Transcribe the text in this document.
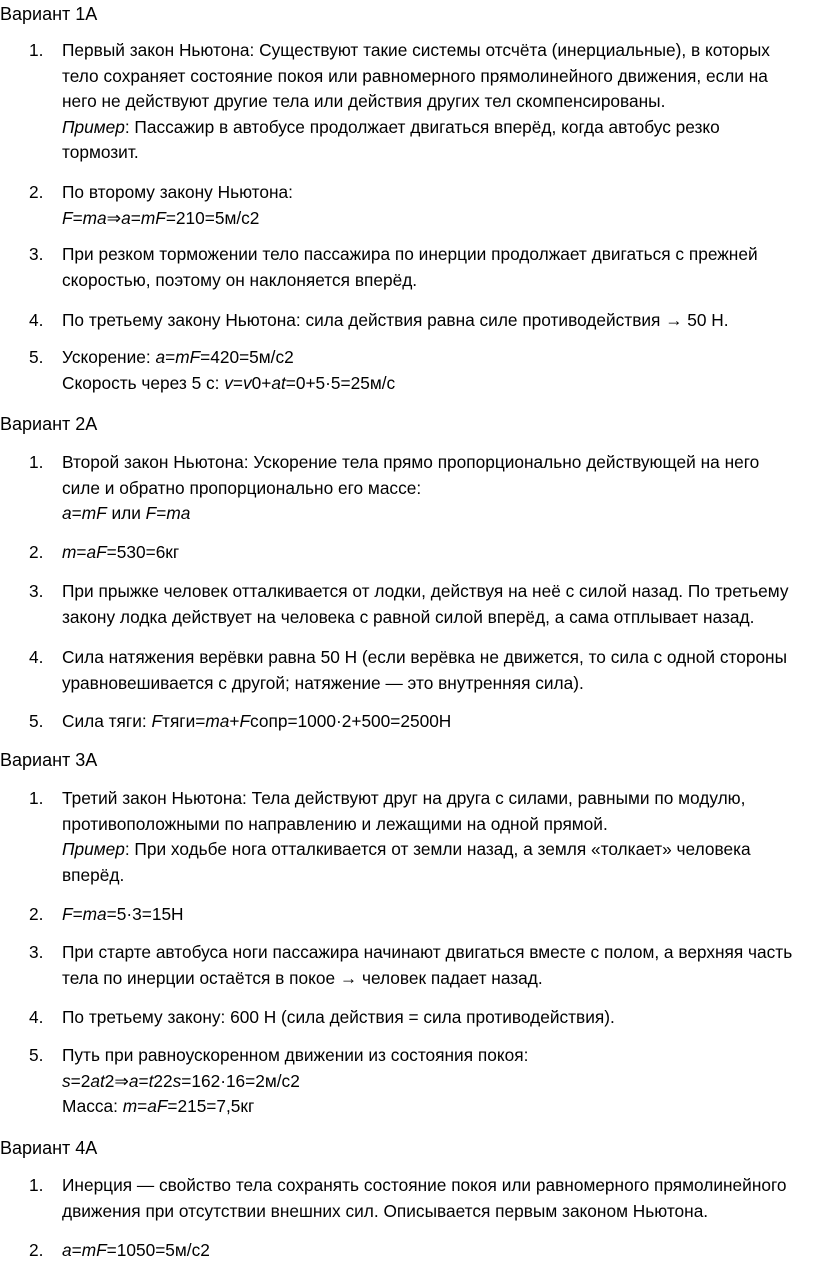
Вариант 1А
1.	Первый закон Ньютона: Существуют такие системы отсчёта (инерциальные), в которых
тело сохраняет состояние покоя или равномерного прямолинейного движения, если на
него не действуют другие тела или действия других тел скомпенсированы.
Пример: Пассажир в автобусе продолжает двигаться вперёд, когда автобус резко
тормозит.
2.	По второму закону Ньютона:
F=ma⇒a=mF=210=5м/с2
3.	При резком торможении тело пассажира по инерции продолжает двигаться с прежней
скоростью, поэтому он наклоняется вперёд.
4.	По третьему закону Ньютона: сила действия равна силе противодействия → 50 Н.
5.	Ускорение: a=mF=420=5м/с2
Скорость через 5 с: v=v0+at=0+5·5=25м/с
Вариант 2А
1.	Второй закон Ньютона: Ускорение тела прямо пропорционально действующей на него
силе и обратно пропорционально его массе:
a=mF или F=ma
2.	m=aF=530=6кг
3.	При прыжке человек отталкивается от лодки, действуя на неё с силой назад. По третьему
закону лодка действует на человека с равной силой вперёд, а сама отплывает назад.
4.	Сила натяжения верёвки равна 50 Н (если верёвка не движется, то сила с одной стороны
уравновешивается с другой; натяжение — это внутренняя сила).
5.	Сила тяги: Fтяги=ma+Fсопр=1000·2+500=2500Н
Вариант 3А
1.	Третий закон Ньютона: Тела действуют друг на друга с силами, равными по модулю,
противоположными по направлению и лежащими на одной прямой.
Пример: При ходьбе нога отталкивается от земли назад, а земля «толкает» человека
вперёд.
2.	F=ma=5·3=15Н
3.	При старте автобуса ноги пассажира начинают двигаться вместе с полом, а верхняя часть
тела по инерции остаётся в покое → человек падает назад.
4.	По третьему закону: 600 Н (сила действия = сила противодействия).
5.	Путь при равноускоренном движении из состояния покоя:
s=2at2⇒a=t22s=162·16=2м/с2
Масса: m=aF=215=7,5кг
Вариант 4А
1.	Инерция — свойство тела сохранять состояние покоя или равномерного прямолинейного
движения при отсутствии внешних сил. Описывается первым законом Ньютона.
2.	a=mF=1050=5м/с2
